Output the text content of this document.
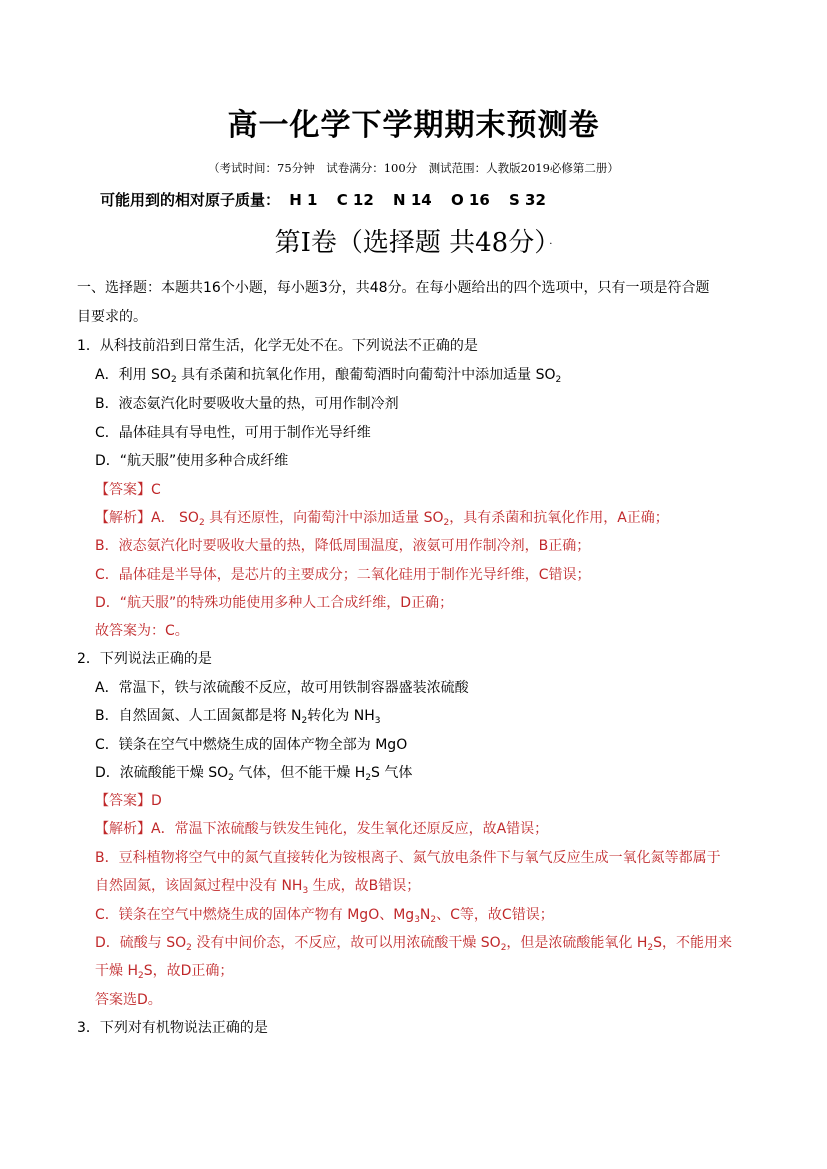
高一化学下学期期末预测卷
（考试时间：75分钟　试卷满分：100分　测试范围：人教版2019必修第二册）
可能用到的相对原子质量： H 1 C 12 N 14 O 16 S 32
第Ⅰ卷（选择题 共48分） ·
一、选择题：本题共16个小题，每小题3分，共48分。在每小题给出的四个选项中，只有一项是符合题
目要求的。
1．从科技前沿到日常生活，化学无处不在。下列说法不正确的是
A．利用 $SO_2$ 具有杀菌和抗氧化作用，酿葡萄酒时向葡萄汁中添加适量 $SO_2$
B．液态氨汽化时要吸收大量的热，可用作制冷剂
C．晶体硅具有导电性，可用于制作光导纤维
D．“航天服”使用多种合成纤维
【答案】C
【解析】A． $SO_2$ 具有还原性，向葡萄汁中添加适量 $SO_2$，具有杀菌和抗氧化作用，A正确；
B．液态氨汽化时要吸收大量的热，降低周围温度，液氨可用作制冷剂，B正确；
C．晶体硅是半导体，是芯片的主要成分；二氧化硅用于制作光导纤维，C错误；
D．“航天服”的特殊功能使用多种人工合成纤维，D正确；
故答案为：C。
2．下列说法正确的是
A．常温下，铁与浓硫酸不反应，故可用铁制容器盛装浓硫酸
B．自然固氮、人工固氮都是将 $N_2$转化为 $NH_3$
C．镁条在空气中燃烧生成的固体产物全部为 MgO
D．浓硫酸能干燥 $SO_2$ 气体，但不能干燥 $H_2S$ 气体
【答案】D
【解析】A．常温下浓硫酸与铁发生钝化，发生氧化还原反应，故A错误；
B．豆科植物将空气中的氮气直接转化为铵根离子、氮气放电条件下与氧气反应生成一氧化氮等都属于
自然固氮，该固氮过程中没有 $NH_3$ 生成，故B错误；
C．镁条在空气中燃烧生成的固体产物有 MgO、$Mg_3N_2$、C等，故C错误；
D．硫酸与 $SO_2$ 没有中间价态，不反应，故可以用浓硫酸干燥 $SO_2$，但是浓硫酸能氧化 $H_2S$，不能用来
干燥 $H_2S$，故D正确；
答案选D。
3．下列对有机物说法正确的是
